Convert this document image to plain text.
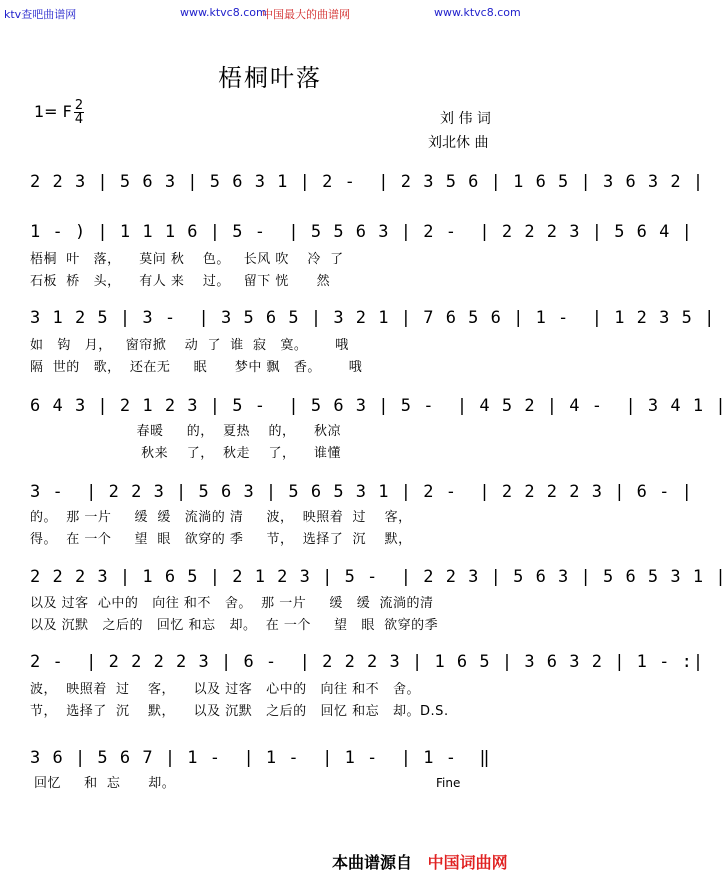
ktv查吧曲谱网	www.ktvc8.com
中国最大的曲谱网	www.ktvc8.com
梧桐叶落
1= F 2
4	刘 伟 词
刘北休 曲
2 2 3 | 5 6 3 | 5 6 3 1 | 2 -  | 2 3 5 6 | 1 6 5 | 3 6 3 2 |
1 - ) | 1 1 1 6 | 5 -  | 5 5 6 3 | 2 -  | 2 2 2 3 | 5 6 4 |
梧桐  叶   落，    莫问 秋    色。   长风 吹    冷  了
石板  桥   头，    有人 来    过。   留下 恍      然
3 1 2 5 | 3 -  | 3 5 6 5 | 3 2 1 | 7 6 5 6 | 1 -  | 1 2 3 5 |
如   钩   月，   窗帘掀    动  了  谁  寂   寞。      哦
隔  世的   歌，  还在无     眠      梦中 飘   香。      哦
6 4 3 | 2 1 2 3 | 5 -  | 5 6 3 | 5 -  | 4 5 2 | 4 -  | 3 4 1 |
春暖     的，  夏热    的，    秋凉
秋来    了，  秋走    了，    谁懂
3 -  | 2 2 3 | 5 6 3 | 5 6 5 3 1 | 2 -  | 2 2 2 2 3 | 6 - |
的。  那 一片     缓  缓   流淌的 清     波，  映照着  过    客，
得。  在 一个     望  眼   欲穿的 季     节，  选择了  沉    默，
2 2 2 3 | 1 6 5 | 2 1 2 3 | 5 -  | 2 2 3 | 5 6 3 | 5 6 5 3 1 |
以及 过客  心中的   向往 和不   舍。  那 一片     缓   缓  流淌的清
以及 沉默   之后的   回忆 和忘   却。  在 一个     望   眼  欲穿的季
2 -  | 2 2 2 2 3 | 6 -  | 2 2 2 3 | 1 6 5 | 3 6 3 2 | 1 - :|
波，  映照着  过    客，    以及 过客   心中的   向往 和不   舍。
节，  选择了  沉    默，    以及 沉默   之后的   回忆 和忘   却。D.S.
3 6 | 5 6 7 | 1 -  | 1 -  | 1 -  | 1 -  ‖
回忆     和  忘      却。	Fine
本曲谱源自 中国词曲网
